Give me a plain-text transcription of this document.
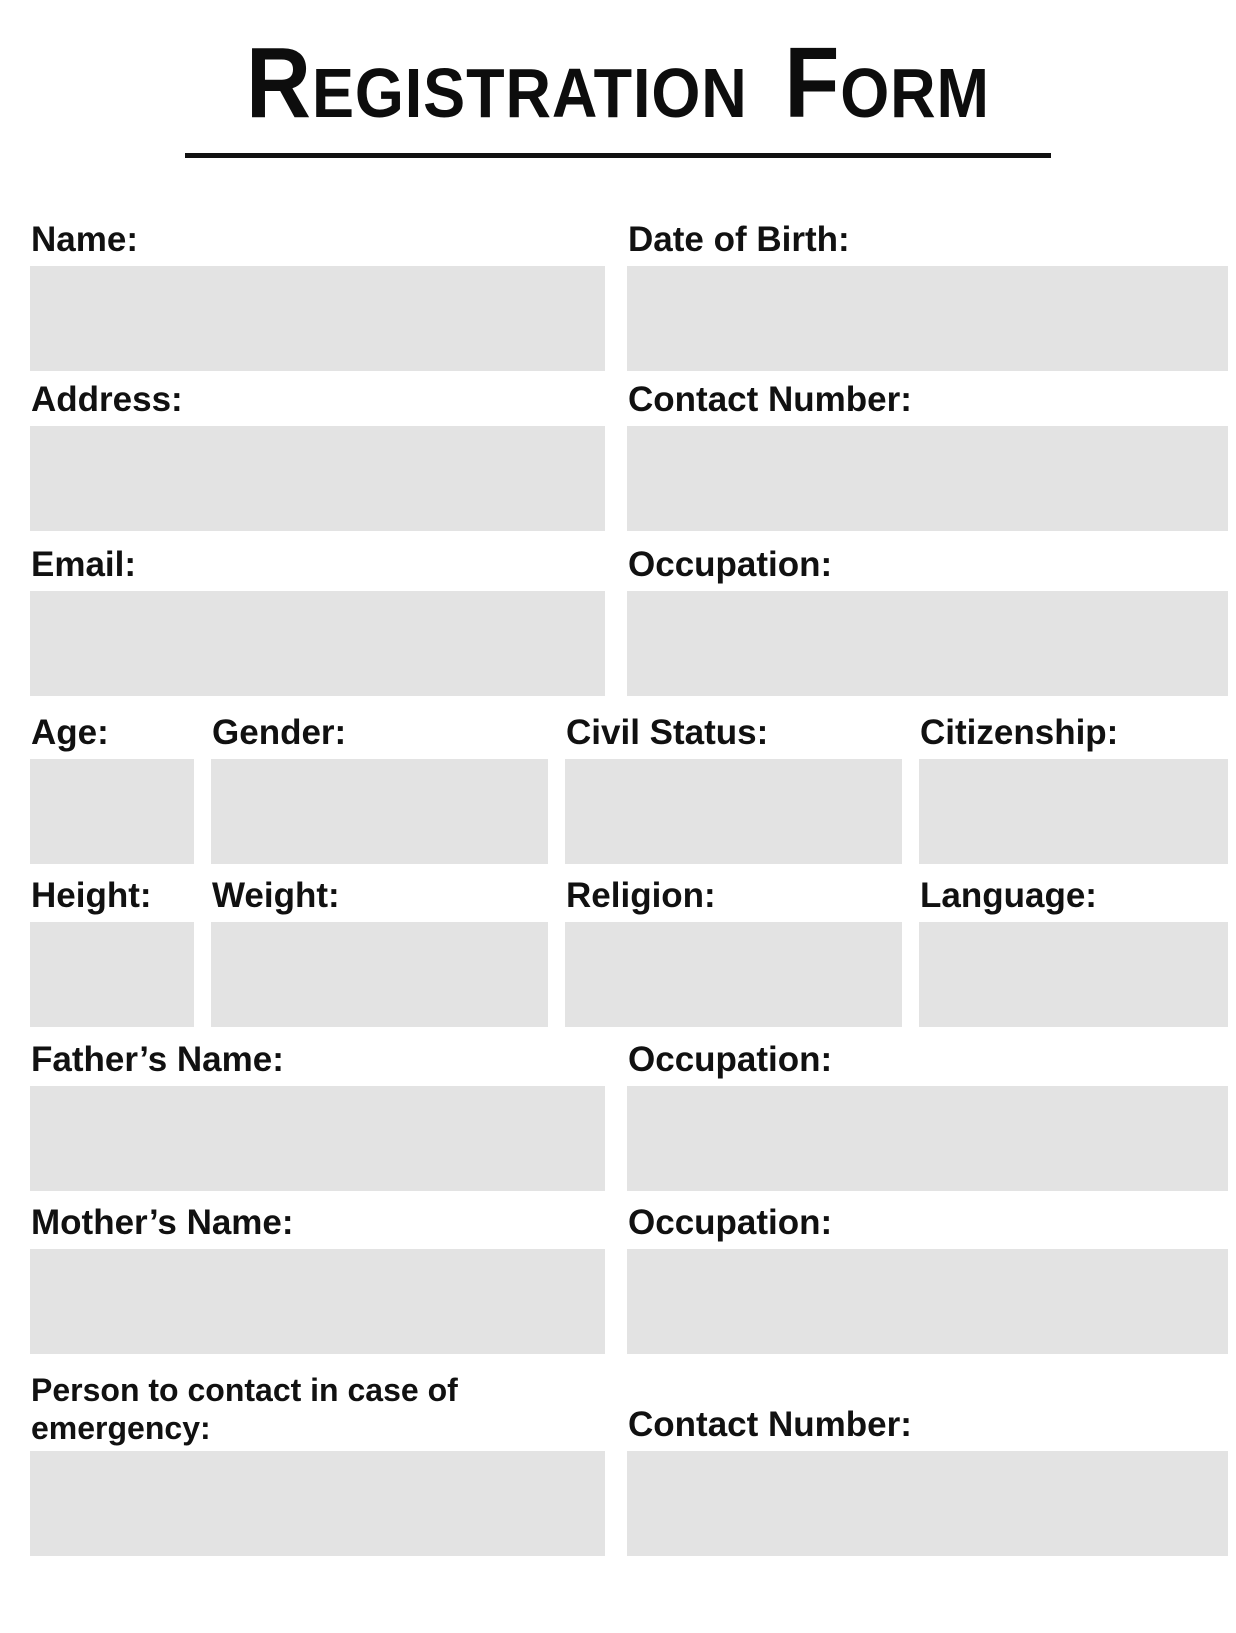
Registration Form
Name:	Date of Birth:
Address:	Contact Number:
Email:	Occupation:
Age:	Gender:	Civil Status:	Citizenship:
Height:	Weight:	Religion:	Language:
Father’s Name:	Occupation:
Mother’s Name:	Occupation:
Person to contact in case of
emergency:	Contact Number:
